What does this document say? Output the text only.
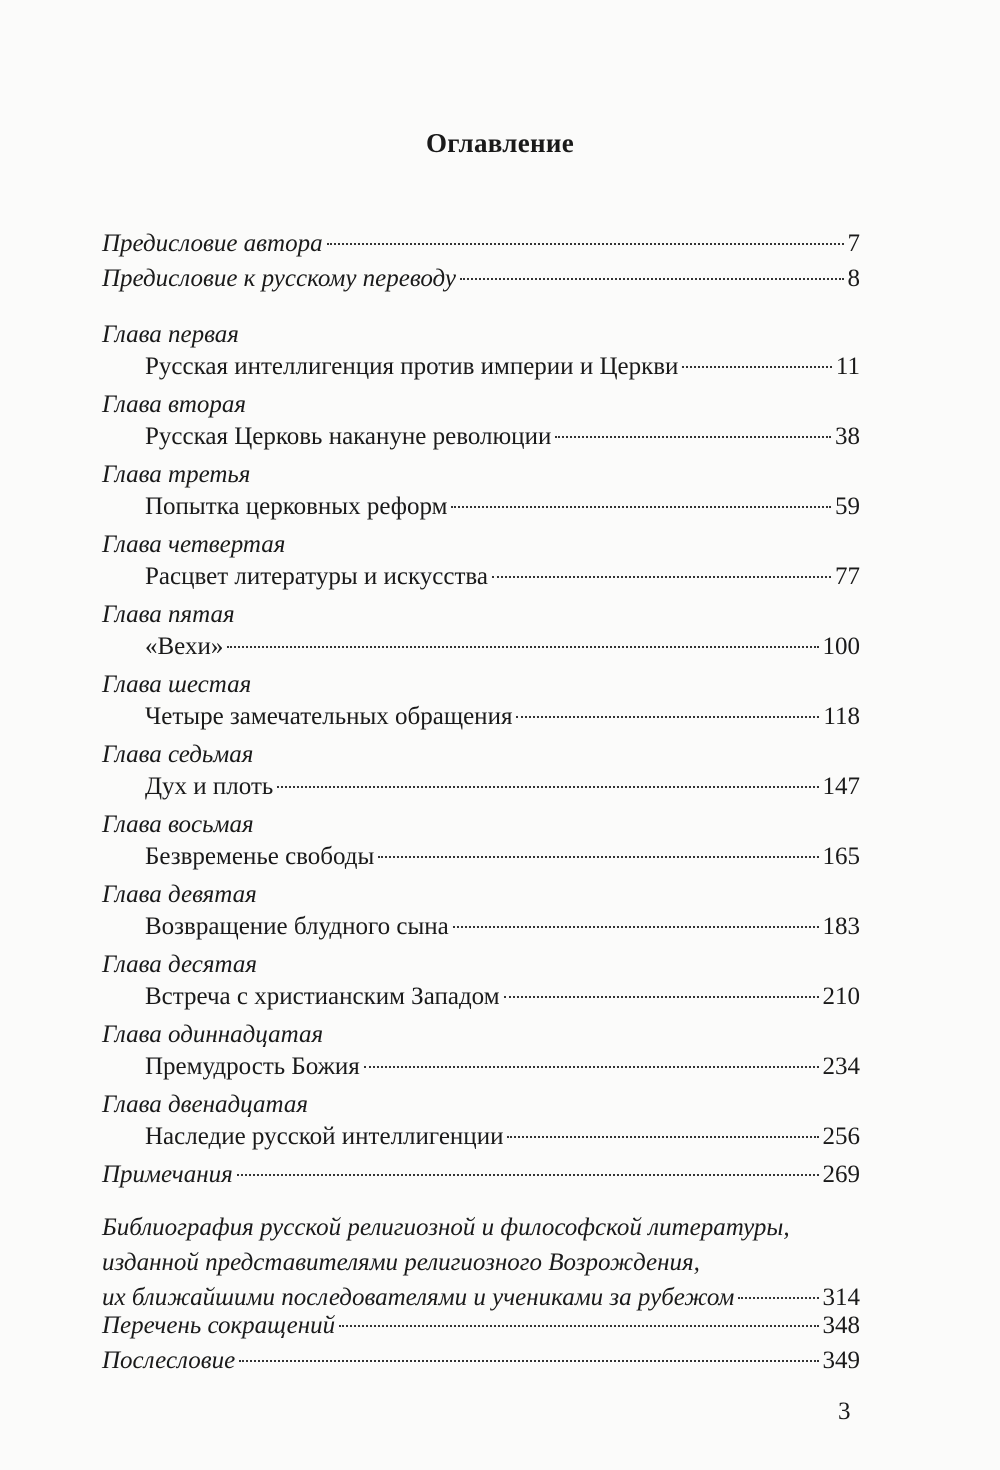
Оглавление
Предисловие автора	7
Предисловие к русскому переводу	8
Глава первая
Русская интеллигенция против империи и Церкви	11
Глава вторая
Русская Церковь накануне революции	38
Глава третья
Попытка церковных реформ	59
Глава четвертая
Расцвет литературы и искусства	77
Глава пятая
«Вехи»	100
Глава шестая
Четыре замечательных обращения	118
Глава седьмая
Дух и плоть	147
Глава восьмая
Безвременье свободы	165
Глава девятая
Возвращение блудного сына	183
Глава десятая
Встреча с христианским Западом	210
Глава одиннадцатая
Премудрость Божия	234
Глава двенадцатая
Наследие русской интеллигенции	256
Примечания	269
Библиография русской религиозной и философской литературы,
изданной представителями религиозного Возрождения,
их ближайшими последователями и учениками за рубежом	314
Перечень сокращений	348
Послесловие	349
3
